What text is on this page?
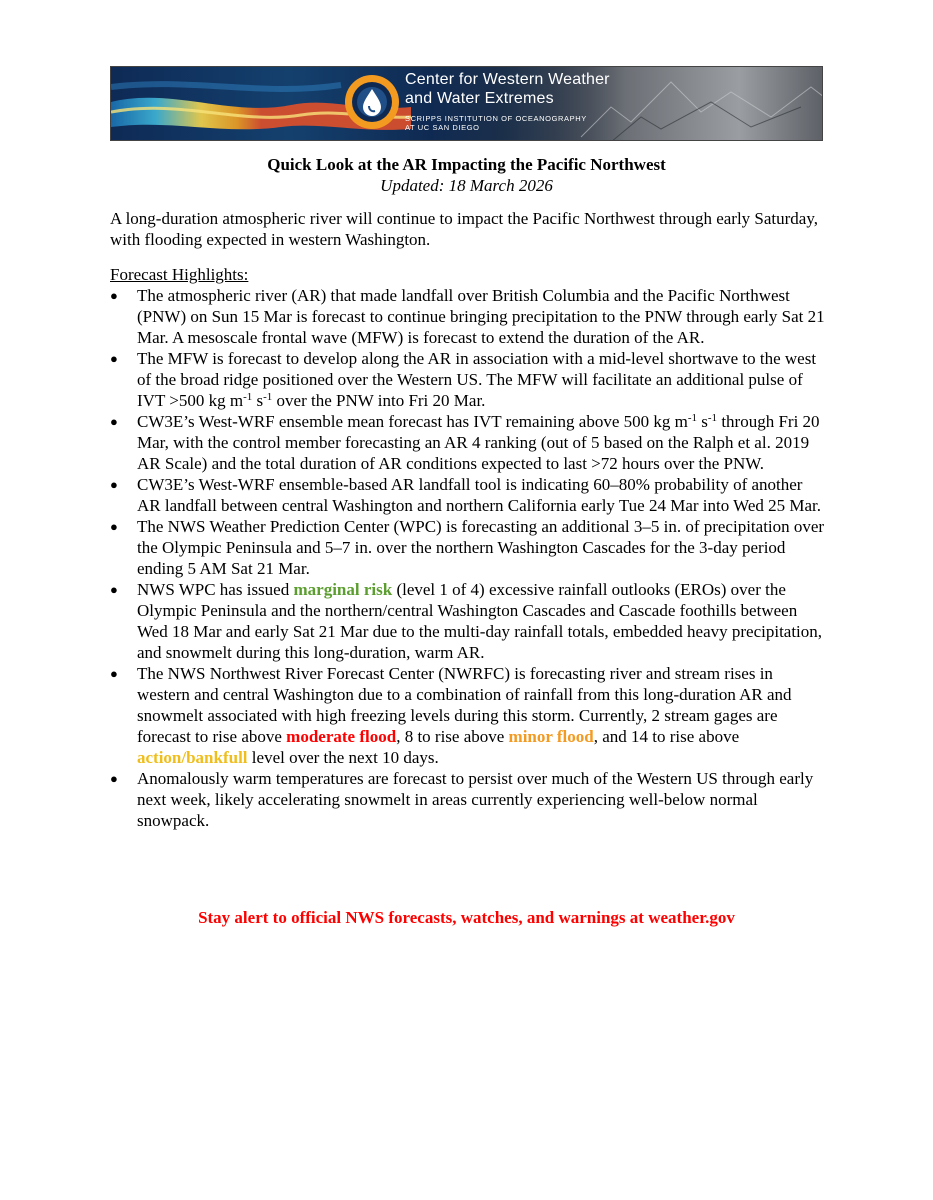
Center for Western Weather
and Water Extremes
SCRIPPS INSTITUTION OF OCEANOGRAPHY
AT UC SAN DIEGO
Quick Look at the AR Impacting the Pacific Northwest
Updated: 18 March 2026

A long-duration atmospheric river will continue to impact the Pacific Northwest through early Saturday, with flooding expected in western Washington.

Forecast Highlights:
● The atmospheric river (AR) that made landfall over British Columbia and the Pacific Northwest (PNW) on Sun 15 Mar is forecast to continue bringing precipitation to the PNW through early Sat 21 Mar. A mesoscale frontal wave (MFW) is forecast to extend the duration of the AR.
● The MFW is forecast to develop along the AR in association with a mid-level shortwave to the west of the broad ridge positioned over the Western US. The MFW will facilitate an additional pulse of IVT >500 kg $m^{-1}$ $s^{-1}$ over the PNW into Fri 20 Mar.
● CW3E’s West-WRF ensemble mean forecast has IVT remaining above 500 kg $m^{-1}$ $s^{-1}$ through Fri 20 Mar, with the control member forecasting an AR 4 ranking (out of 5 based on the Ralph et al. 2019 AR Scale) and the total duration of AR conditions expected to last >72 hours over the PNW.
● CW3E’s West-WRF ensemble-based AR landfall tool is indicating 60–80% probability of another AR landfall between central Washington and northern California early Tue 24 Mar into Wed 25 Mar.
● The NWS Weather Prediction Center (WPC) is forecasting an additional 3–5 in. of precipitation over the Olympic Peninsula and 5–7 in. over the northern Washington Cascades for the 3-day period ending 5 AM Sat 21 Mar.
● NWS WPC has issued marginal risk (level 1 of 4) excessive rainfall outlooks (EROs) over the Olympic Peninsula and the northern/central Washington Cascades and Cascade foothills between Wed 18 Mar and early Sat 21 Mar due to the multi-day rainfall totals, embedded heavy precipitation, and snowmelt during this long-duration, warm AR.
● The NWS Northwest River Forecast Center (NWRFC) is forecasting river and stream rises in western and central Washington due to a combination of rainfall from this long-duration AR and snowmelt associated with high freezing levels during this storm. Currently, 2 stream gages are forecast to rise above moderate flood, 8 to rise above minor flood, and 14 to rise above action/bankfull level over the next 10 days.
● Anomalously warm temperatures are forecast to persist over much of the Western US through early next week, likely accelerating snowmelt in areas currently experiencing well-below normal snowpack.
Stay alert to official NWS forecasts, watches, and warnings at weather.gov
